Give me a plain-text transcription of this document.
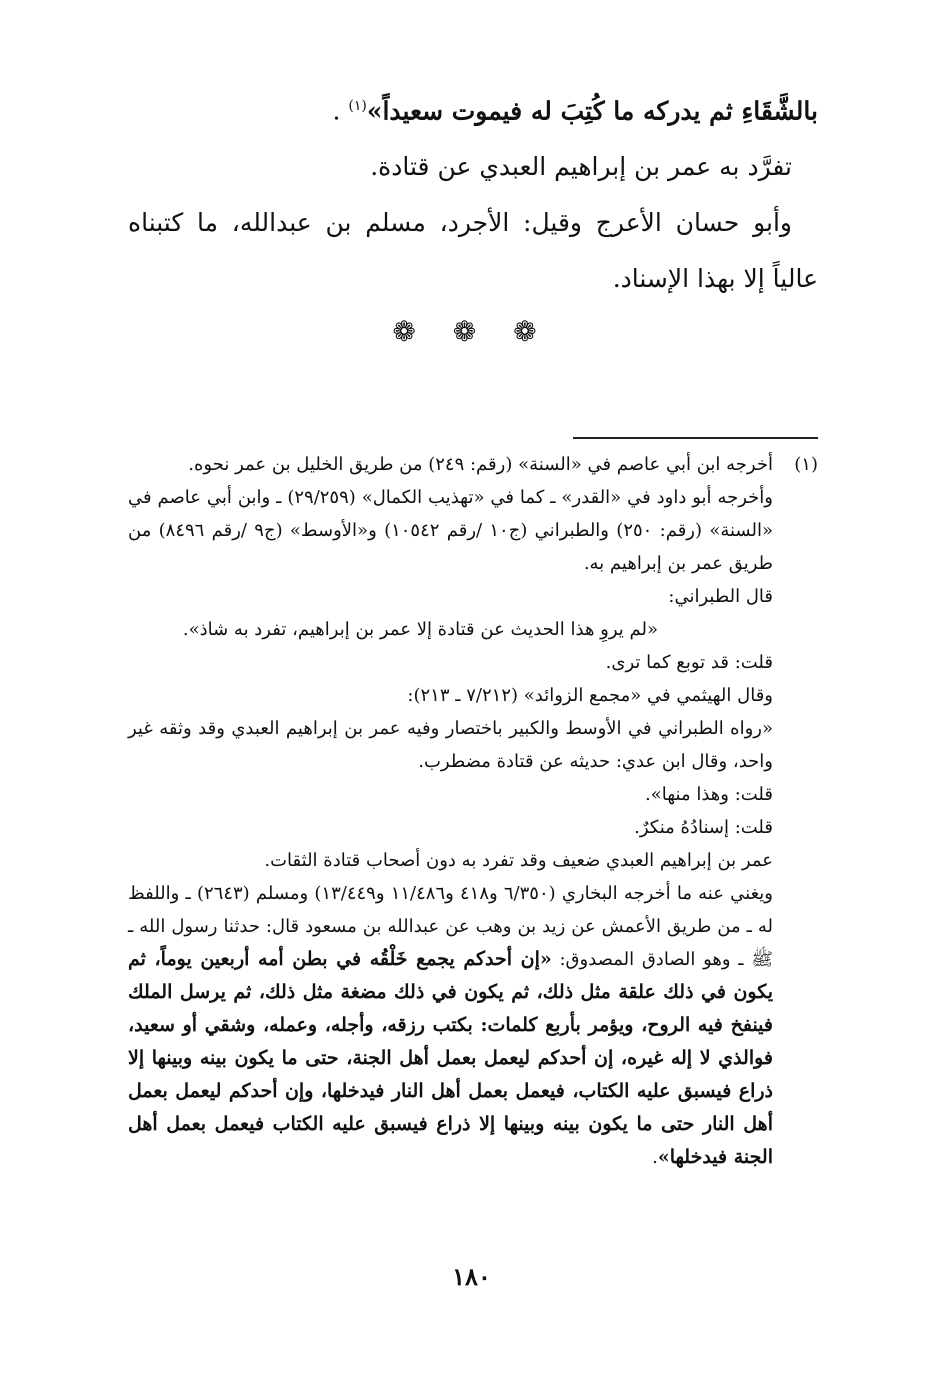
بالشَّقَاءِ ثم يدركه ما كُتِبَ له فيموت سعيداً»$^{(١)}$ .

تفرَّد به عمر بن إبراهيم العبدي عن قتادة.

وأبو حسان الأعرج وقيل: الأجرد، مسلم بن عبدالله، ما كتبناه عالياً إلا بهذا الإسناد.

❁ ❁ ❁
(١)

أخرجه ابن أبي عاصم في «السنة» (رقم: ٢٤٩) من طريق الخليل بن عمر نحوه.

وأخرجه أبو داود في «القدر» ـ كما في «تهذيب الكمال» (٢٩/٢٥٩) ـ وابن أبي عاصم في «السنة» (رقم: ٢٥٠) والطبراني (ج١٠ /رقم ١٠٥٤٢) و«الأوسط» (ج٩ /رقم ٨٤٩٦) من طريق عمر بن إبراهيم به.

قال الطبراني:

«لم يروِ هذا الحديث عن قتادة إلا عمر بن إبراهيم، تفرد به شاذ».

قلت: قد توبع كما ترى.

وقال الهيثمي في «مجمع الزوائد» (٧/٢١٢ ـ ٢١٣):

«رواه الطبراني في الأوسط والكبير باختصار وفيه عمر بن إبراهيم العبدي وقد وثقه غير واحد، وقال ابن عدي: حديثه عن قتادة مضطرب.

قلت: وهذا منها».

قلت: إسنادُهُ منكرٌ.

عمر بن إبراهيم العبدي ضعيف وقد تفرد به دون أصحاب قتادة الثقات.

ويغني عنه ما أخرجه البخاري (٦/٣٥٠ و٤١٨ و١١/٤٨٦ و١٣/٤٤٩) ومسلم (٢٦٤٣) ـ واللفظ له ـ من طريق الأعمش عن زيد بن وهب عن عبدالله بن مسعود قال: حدثنا رسول الله ـ ﷺ ـ وهو الصادق المصدوق: «إن أحدكم يجمع خَلْقُه في بطن أمه أربعين يوماً، ثم يكون في ذلك علقة مثل ذلك، ثم يكون في ذلك مضغة مثل ذلك، ثم يرسل الملك فينفخ فيه الروح، ويؤمر بأربع كلمات: بكتب رزقه، وأجله، وعمله، وشقي أو سعيد، فوالذي لا إله غيره، إن أحدكم ليعمل بعمل أهل الجنة، حتى ما يكون بينه وبينها إلا ذراع فيسبق عليه الكتاب، فيعمل بعمل أهل النار فيدخلها، وإن أحدكم ليعمل بعمل أهل النار حتى ما يكون بينه وبينها إلا ذراع فيسبق عليه الكتاب فيعمل بعمل أهل الجنة فيدخلها».

١٨٠
